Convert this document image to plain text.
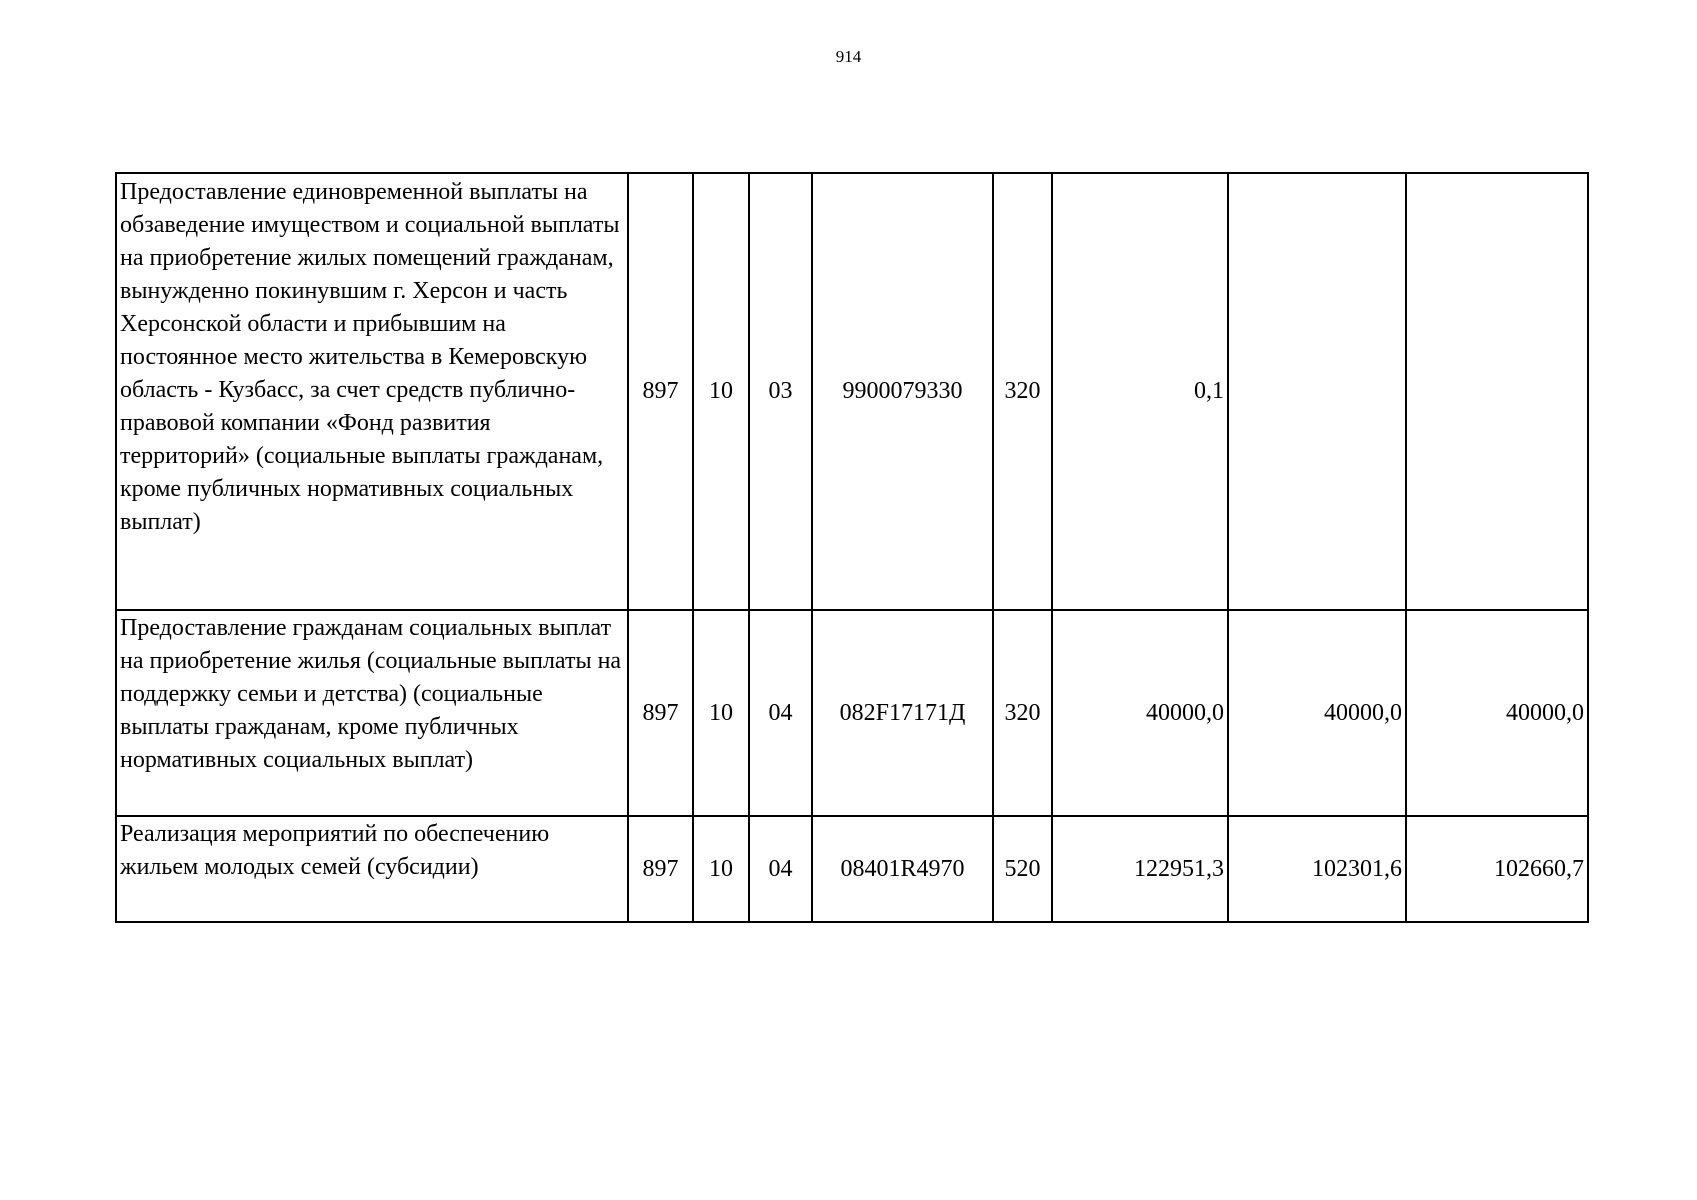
914
Предоставление единовременной выплаты на обзаведение имуществом и социальной выплаты на приобретение жилых помещений гражданам, вынужденно покинувшим г. Херсон и часть Херсонской области и прибывшим на постоянное место жительства в Кемеровскую область - Кузбасс, за счет средств публично-правовой компании «Фонд развития территорий» (социальные выплаты гражданам, кроме публичных нормативных социальных выплат)	897	10	03	9900079330	320	0,1		
Предоставление гражданам социальных выплат на приобретение жилья (социальные выплаты на поддержку семьи и детства) (социальные выплаты гражданам, кроме публичных нормативных социальных выплат)	897	10	04	082F17171Д	320	40000,0	40000,0	40000,0
Реализация мероприятий по обеспечению жильем молодых семей (субсидии)	897	10	04	08401R4970	520	122951,3	102301,6	102660,7
